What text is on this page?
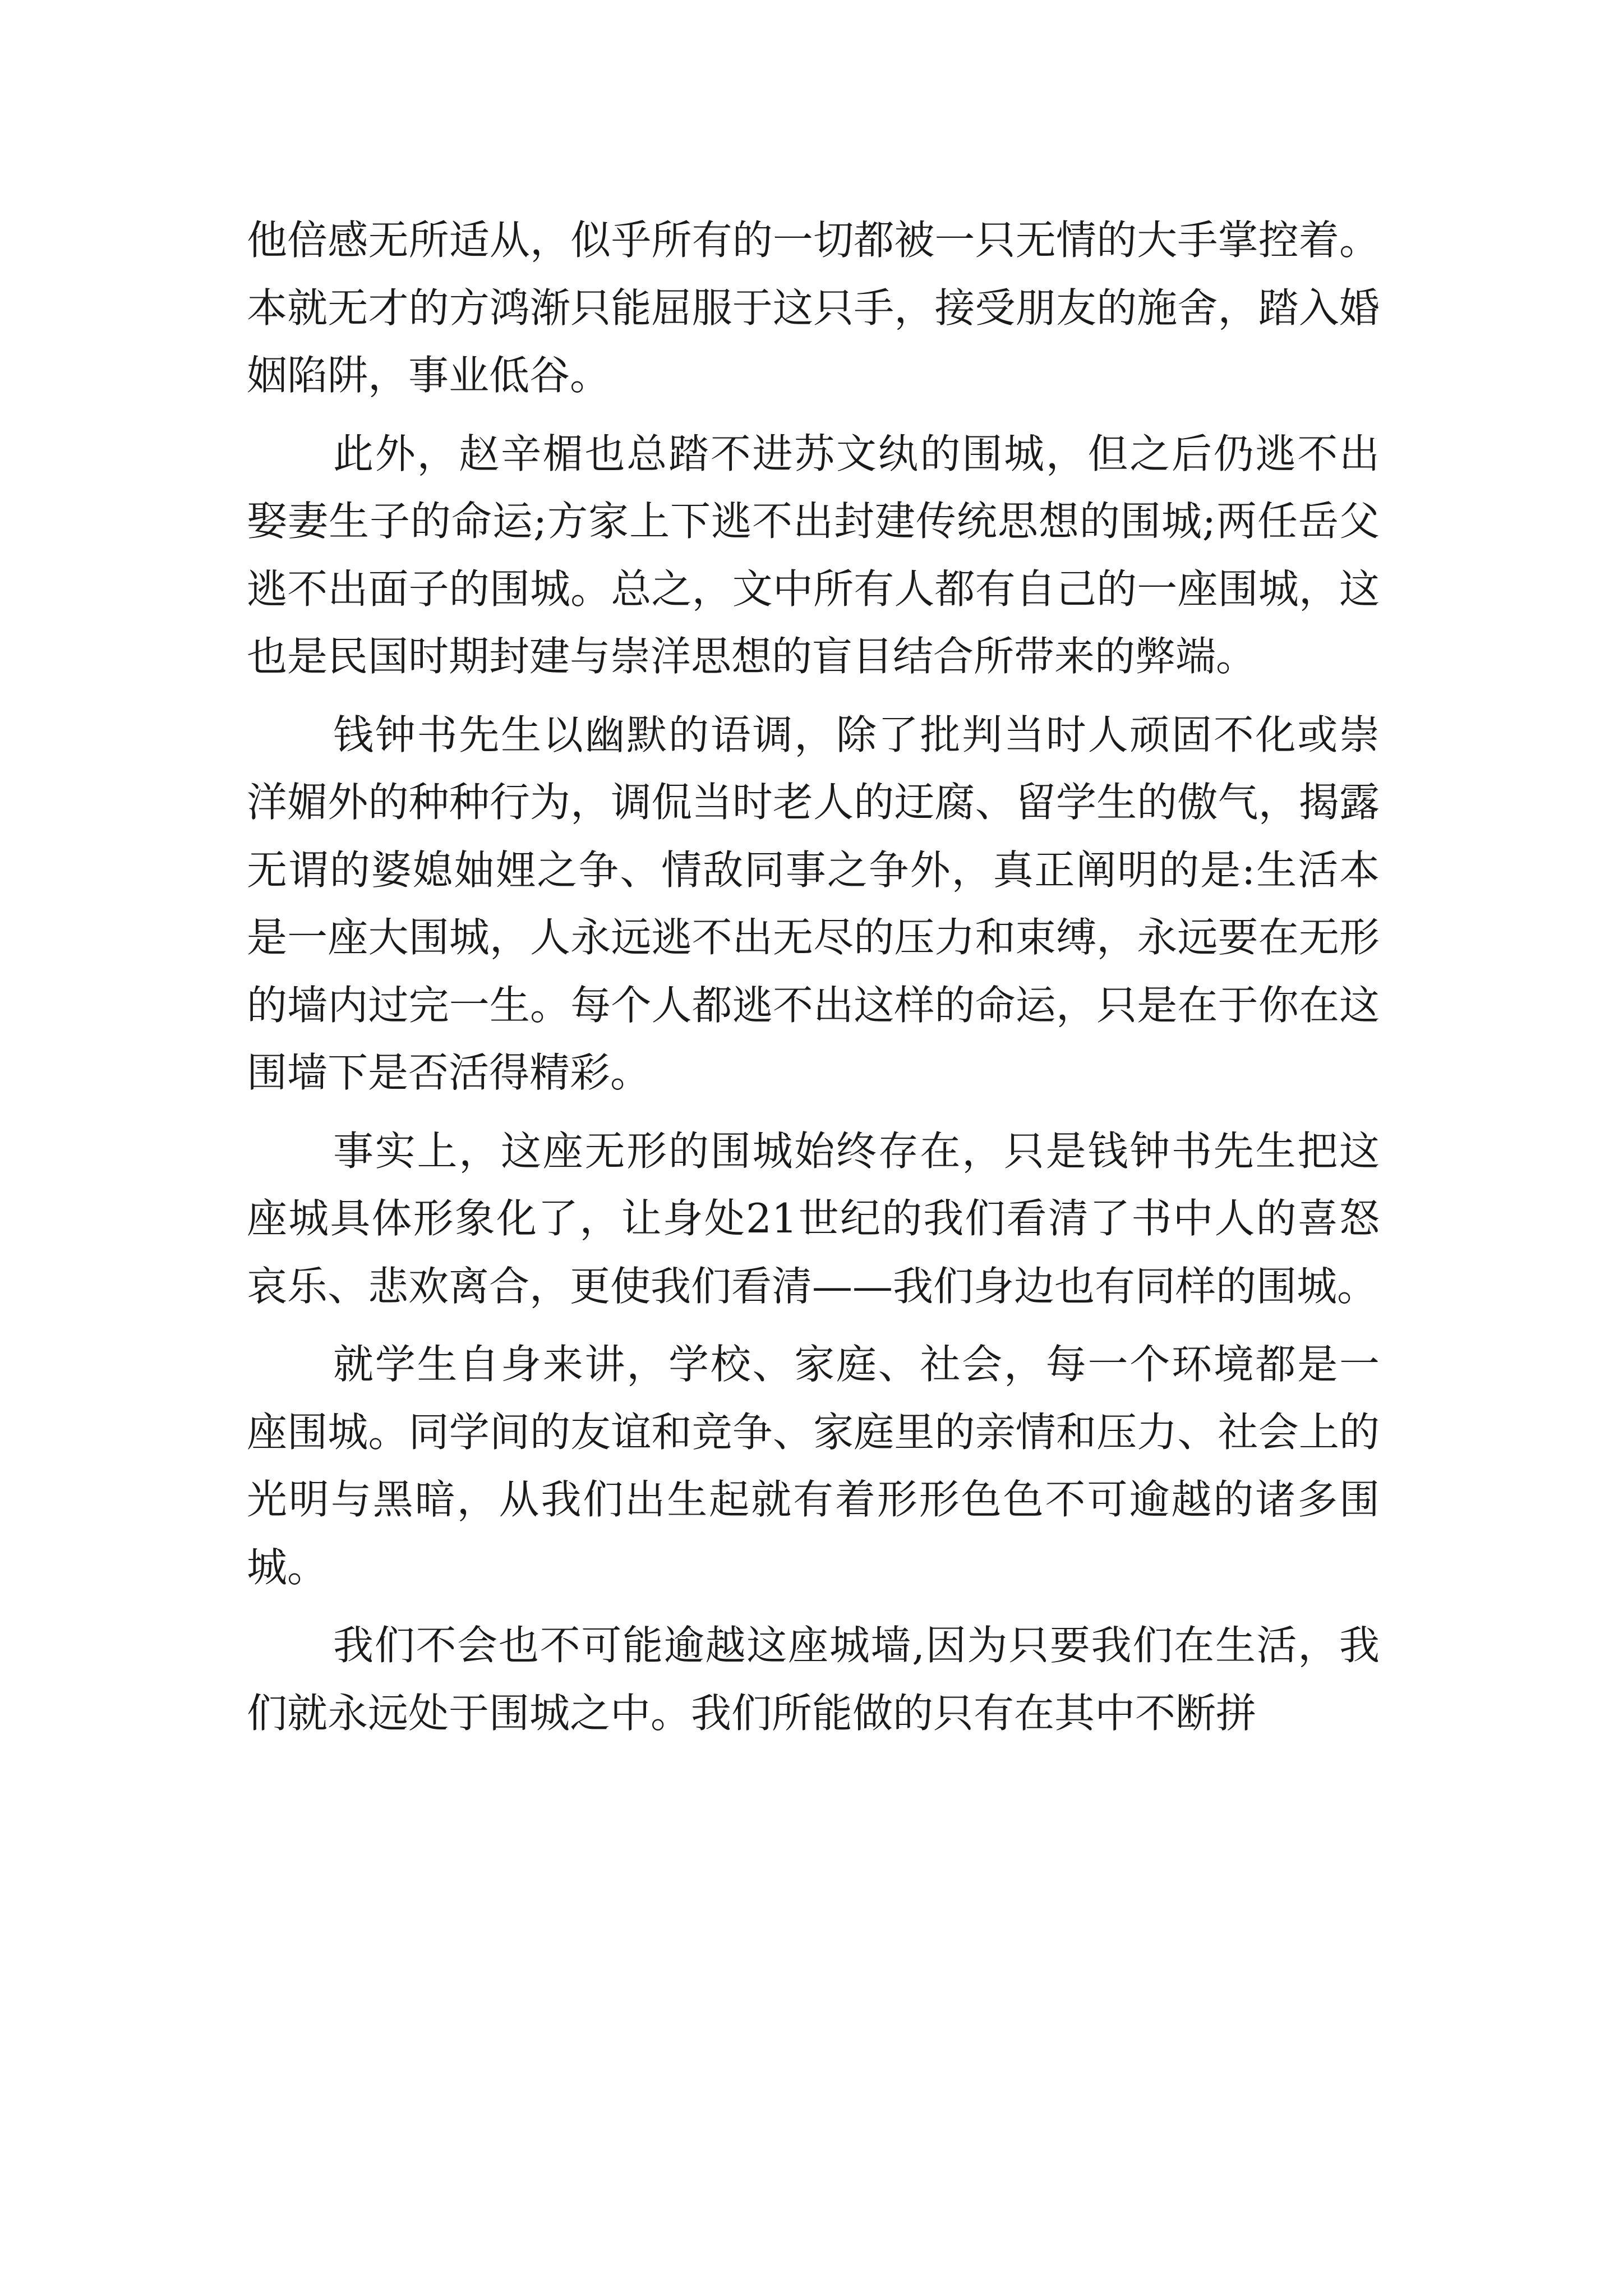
他倍感无所适从，似乎所有的一切都被一只无情的大手掌控着。本就无才的方鸿渐只能屈服于这只手，接受朋友的施舍，踏入婚姻陷阱，事业低谷。

此外，赵辛楣也总踏不进苏文纨的围城，但之后仍逃不出娶妻生子的命运;方家上下逃不出封建传统思想的围城;两任岳父逃不出面子的围城。总之，文中所有人都有自己的一座围城，这也是民国时期封建与崇洋思想的盲目结合所带来的弊端。

钱钟书先生以幽默的语调，除了批判当时人顽固不化或崇洋媚外的种种行为，调侃当时老人的迂腐、留学生的傲气，揭露无谓的婆媳妯娌之争、情敌同事之争外，真正阐明的是:生活本是一座大围城，人永远逃不出无尽的压力和束缚，永远要在无形的墙内过完一生。每个人都逃不出这样的命运，只是在于你在这围墙下是否活得精彩。

事实上，这座无形的围城始终存在，只是钱钟书先生把这座城具体形象化了，让身处21世纪的我们看清了书中人的喜怒哀乐、悲欢离合，更使我们看清——我们身边也有同样的围城。

就学生自身来讲，学校、家庭、社会，每一个环境都是一座围城。同学间的友谊和竞争、家庭里的亲情和压力、社会上的光明与黑暗，从我们出生起就有着形形色色不可逾越的诸多围城。

我们不会也不可能逾越这座城墙,因为只要我们在生活，我们就永远处于围城之中。我们所能做的只有在其中不断拼
